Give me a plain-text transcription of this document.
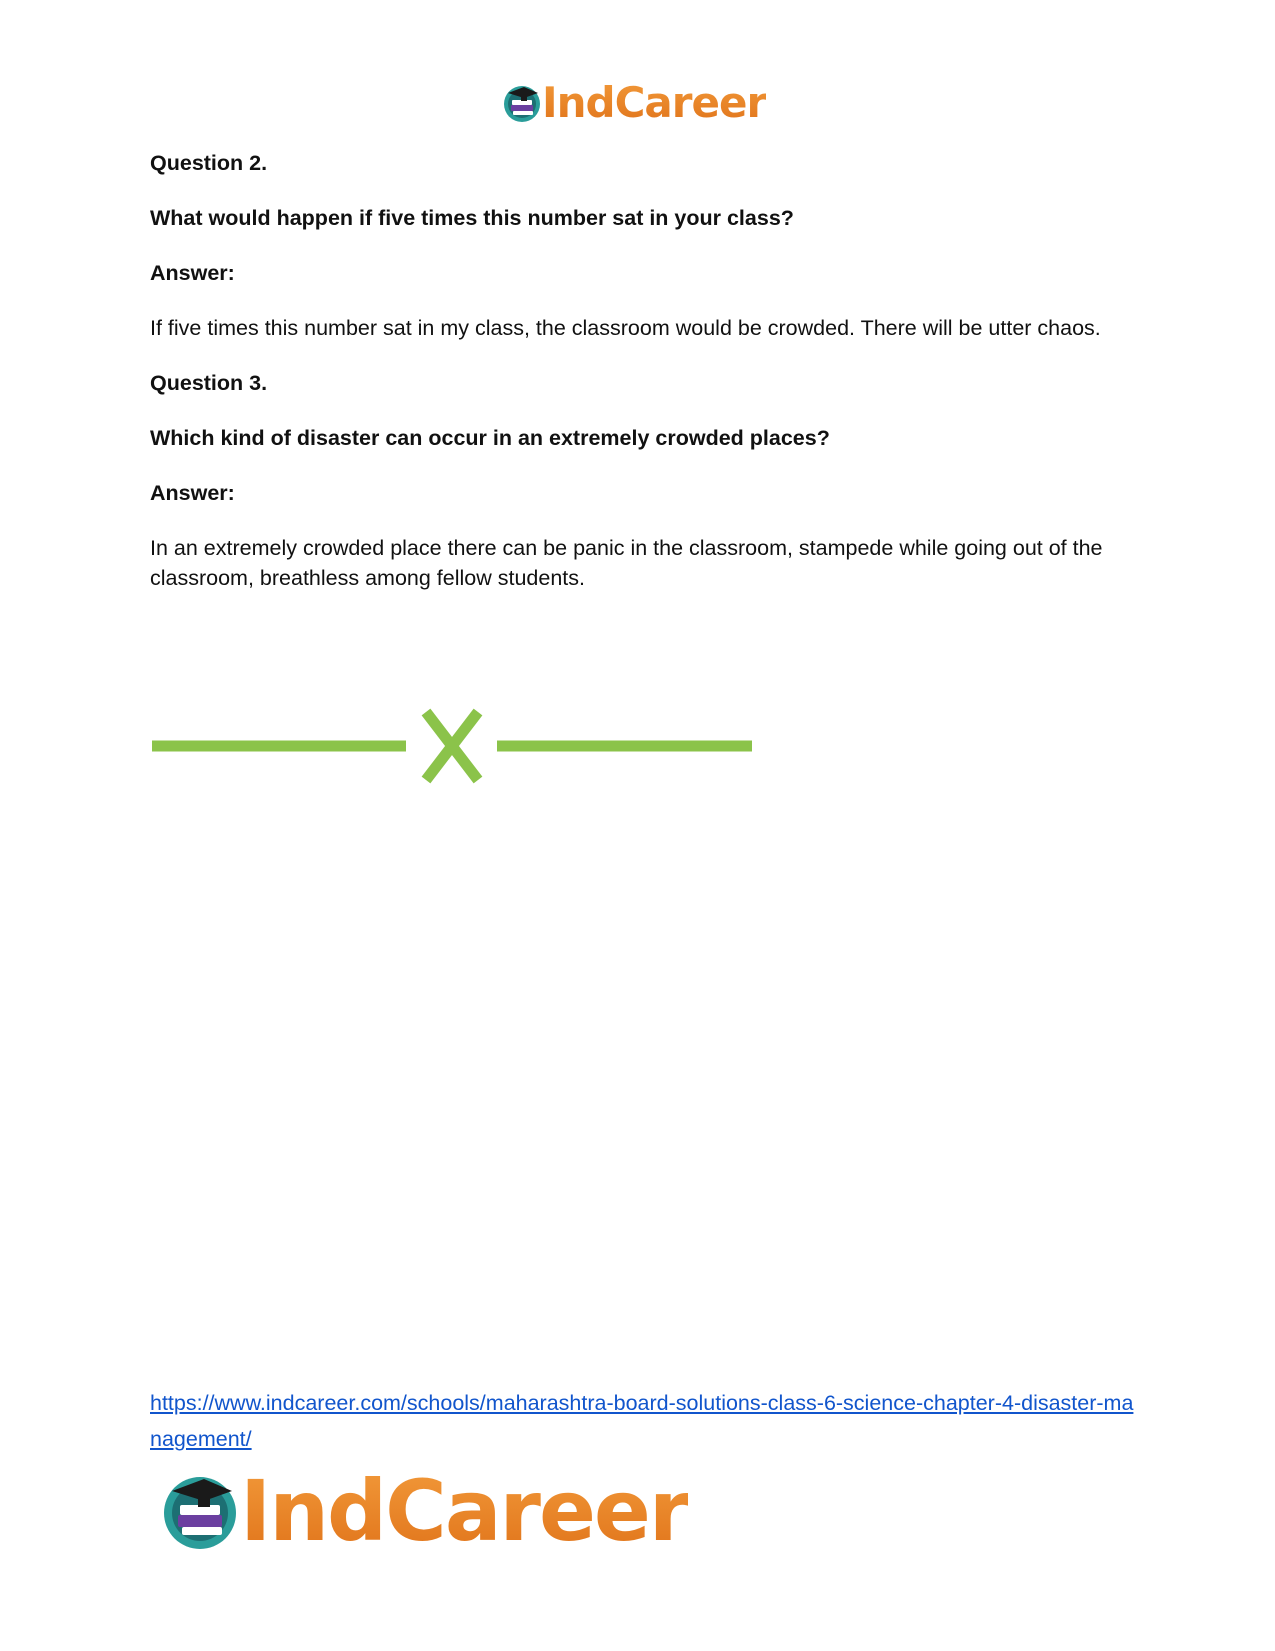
IndCareer

Question 2.

What would happen if five times this number sat in your class?

Answer:

If five times this number sat in my class, the classroom would be crowded. There will be utter chaos.

Question 3.

Which kind of disaster can occur in an extremely crowded places?

Answer:

In an extremely crowded place there can be panic in the classroom, stampede while going out of the classroom, breathless among fellow students.

https://www.indcareer.com/schools/maharashtra-board-solutions-class-6-science-chapter-4-disaster-management/
IndCareer
